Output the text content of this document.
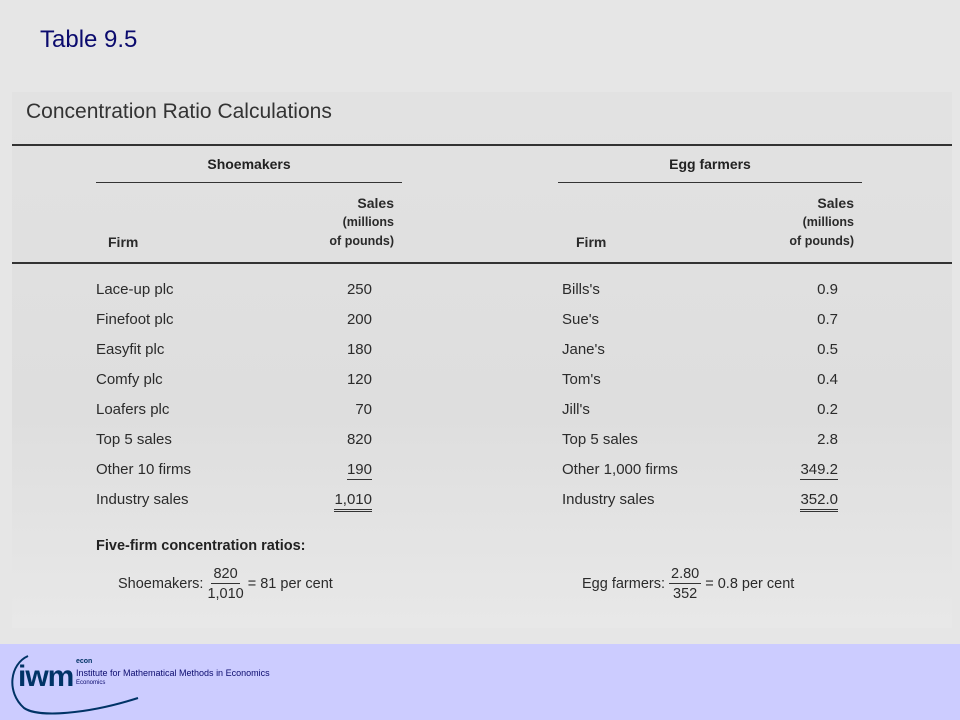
Table 9.5
Concentration Ratio Calculations
Shoemakers
Firm
Sales
(millions
of pounds)
Egg farmers
Firm
Sales
(millions
of pounds)
Lace-up plc	250
Finefoot plc	200
Easyfit plc	180
Comfy plc	120
Loafers plc	70
Top 5 sales	820
Other 10 firms	190
Industry sales	1,010
Bills's	0.9
Sue's	0.7
Jane's	0.5
Tom's	0.4
Jill's	0.2
Top 5 sales	2.8
Other 1,000 firms	349.2
Industry sales	352.0
Five-firm concentration ratios:
Shoemakers: $\frac{820}{1,010} = 81$ per cent	Egg farmers: $\frac{2.80}{352} = 0.8$ per cent
iwm econ
Institute for Mathematical Methods in Economics
Economics
